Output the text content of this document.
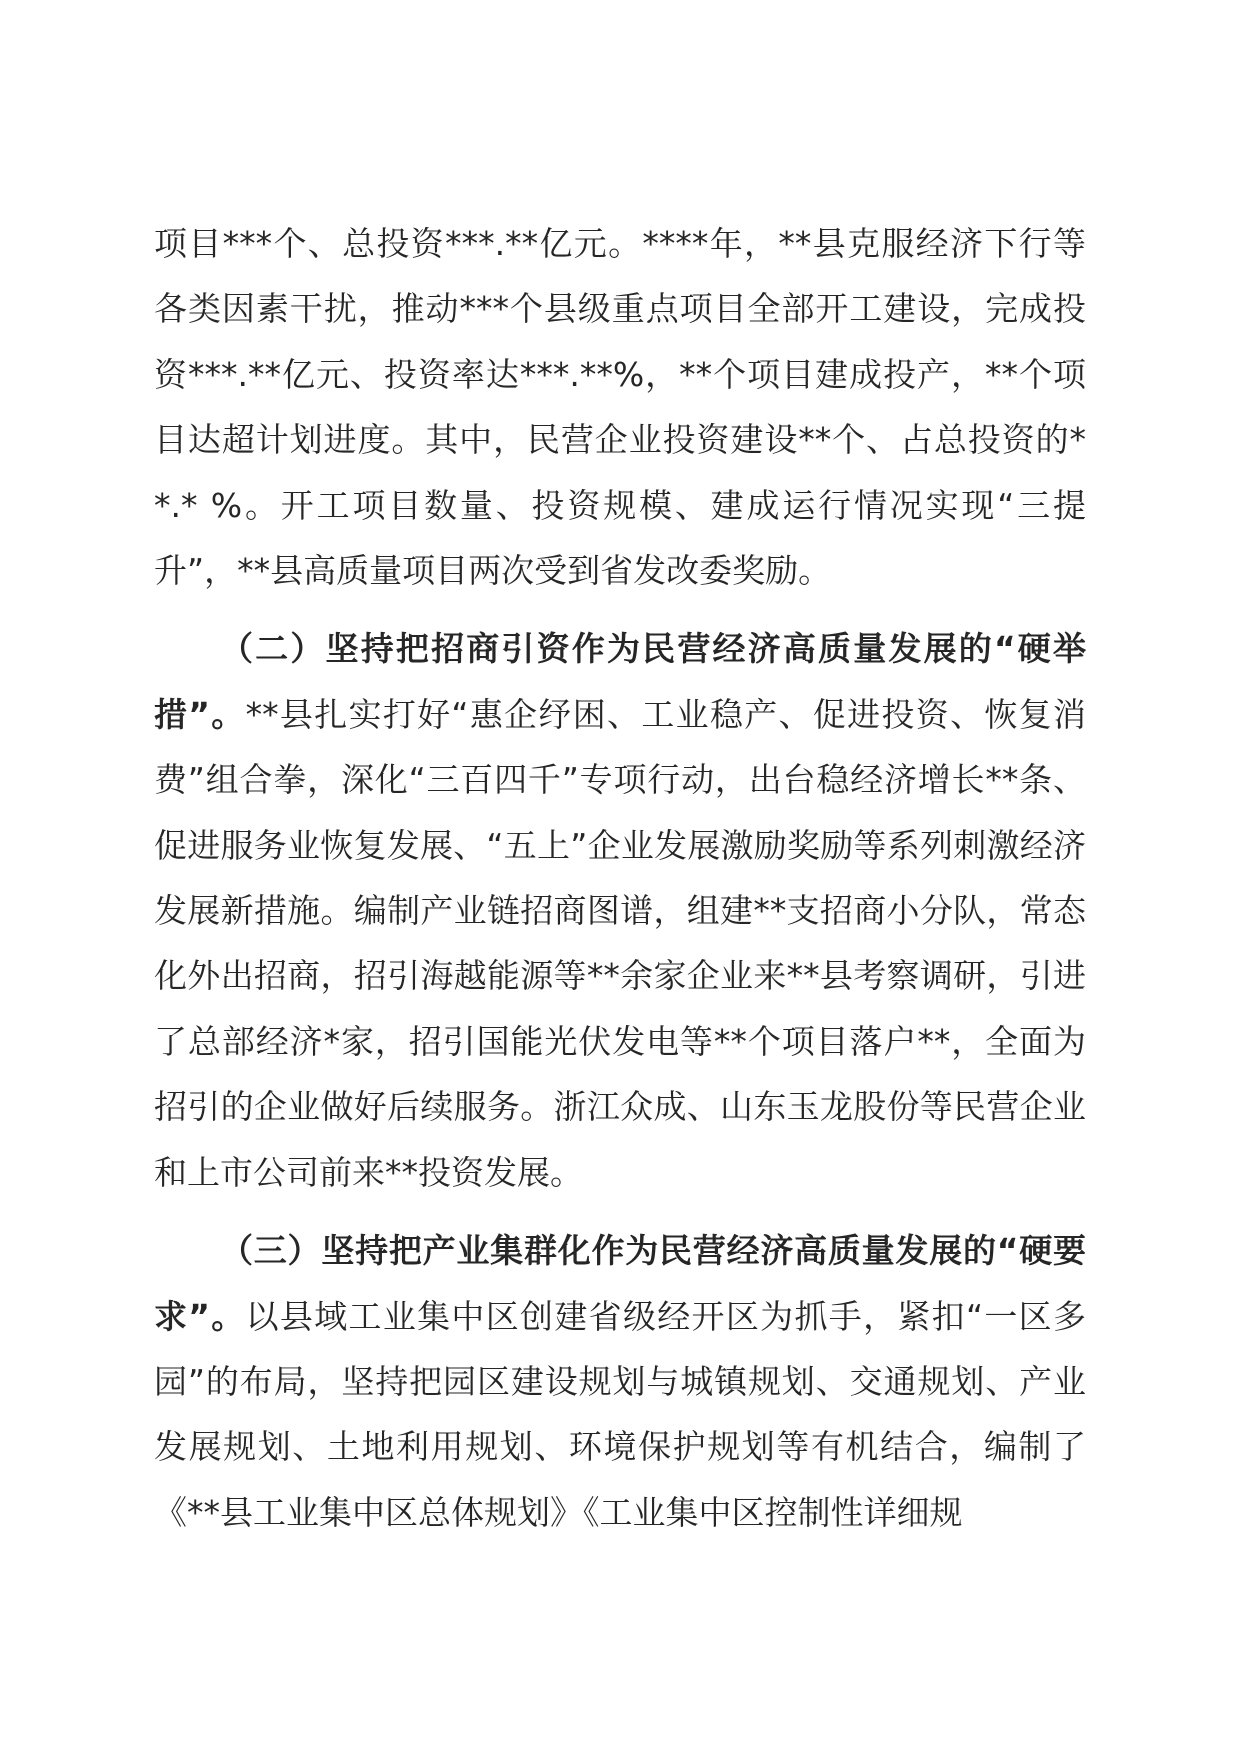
项目***个、总投资***.**亿元。****年，**县克服经济下行等各类因素干扰，推动***个县级重点项目全部开工建设，完成投资***.**亿元、投资率达***.**%，**个项目建成投产，**个项目达超计划进度。其中，民营企业投资建设**个、占总投资的**.* %。开工项目数量、投资规模、建成运行情况实现“三提升”，**县高质量项目两次受到省发改委奖励。

（二）坚持把招商引资作为民营经济高质量发展的“硬举措”。**县扎实打好“惠企纾困、工业稳产、促进投资、恢复消费”组合拳，深化“三百四千”专项行动，出台稳经济增长**条、促进服务业恢复发展、“五上”企业发展激励奖励等系列刺激经济发展新措施。编制产业链招商图谱，组建**支招商小分队，常态化外出招商，招引海越能源等**余家企业来**县考察调研，引进了总部经济*家，招引国能光伏发电等**个项目落户**，全面为招引的企业做好后续服务。浙江众成、山东玉龙股份等民营企业和上市公司前来**投资发展。

（三）坚持把产业集群化作为民营经济高质量发展的“硬要求”。以县域工业集中区创建省级经开区为抓手，紧扣“一区多园”的布局，坚持把园区建设规划与城镇规划、交通规划、产业发展规划、土地利用规划、环境保护规划等有机结合，编制了《**县工业集中区总体规划》《工业集中区控制性详细规
